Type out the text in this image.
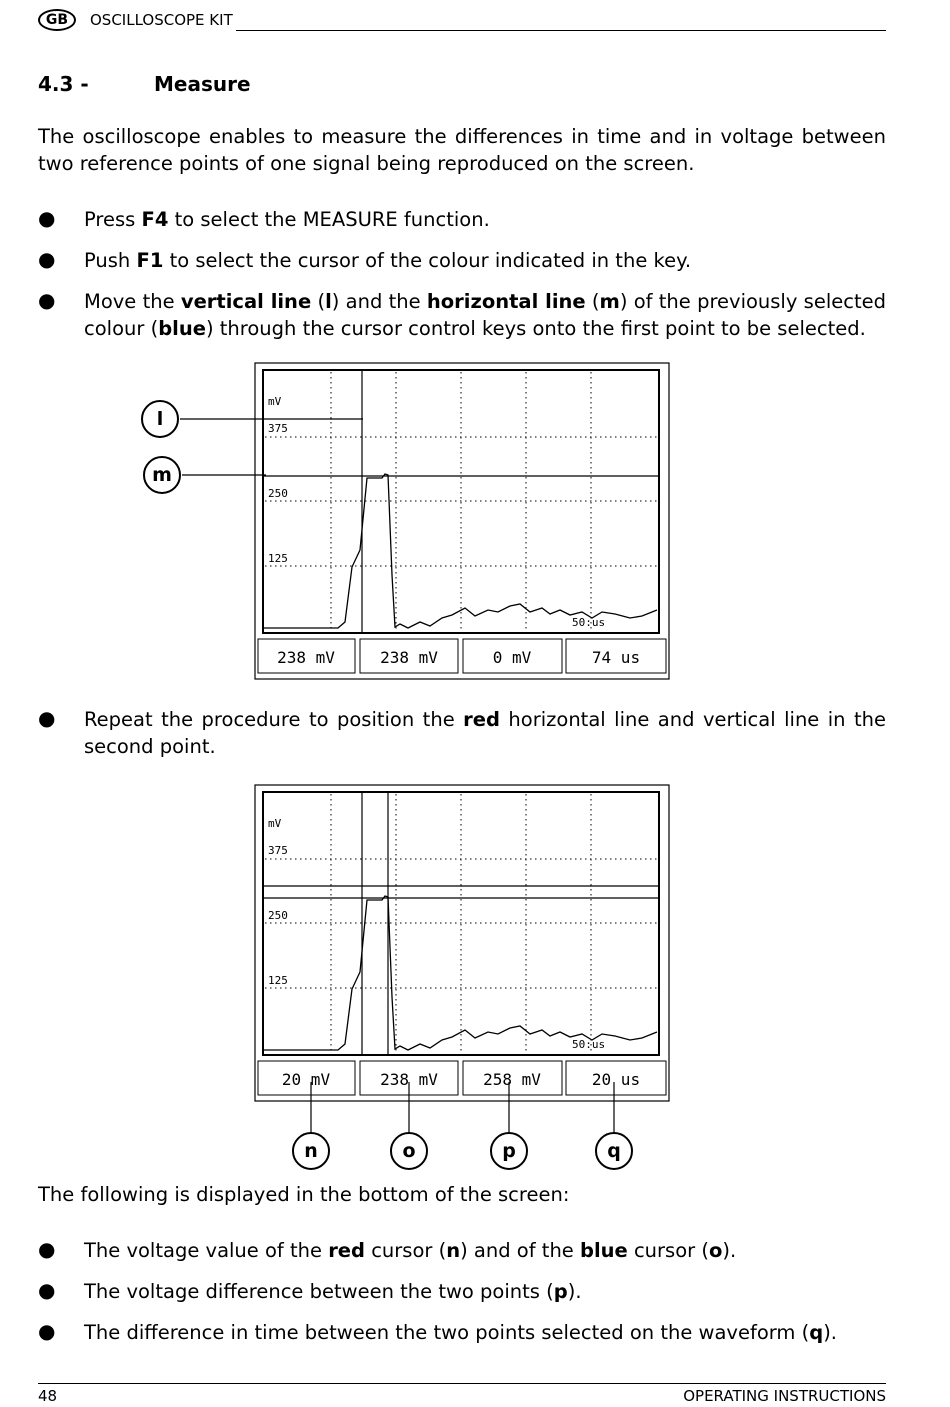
GB	OSCILLOSCOPE KIT
4.3 -	Measure
The oscilloscope enables to measure the differences in time and in voltage between two reference points of one signal being reproduced on the screen.
● Press F4 to select the MEASURE function.
● Push F1 to select the cursor of the colour indicated in the key.
● Move the vertical line (l) and the horizontal line (m) of the previously selected colour (blue) through the cursor control keys onto the first point to be selected.
mV
375
250
125
50:us
238 mV	238 mV	0 mV	74 us
l
m
● Repeat the procedure to position the red horizontal line and vertical line in the second point.
mV
375
250
125
50:us
20 mV	238 mV	258 mV	20 us
n	o	p	q
The following is displayed in the bottom of the screen:
● The voltage value of the red cursor (n) and of the blue cursor (o).
● The voltage difference between the two points (p).
● The difference in time between the two points selected on the waveform (q).
48	OPERATING INSTRUCTIONS
